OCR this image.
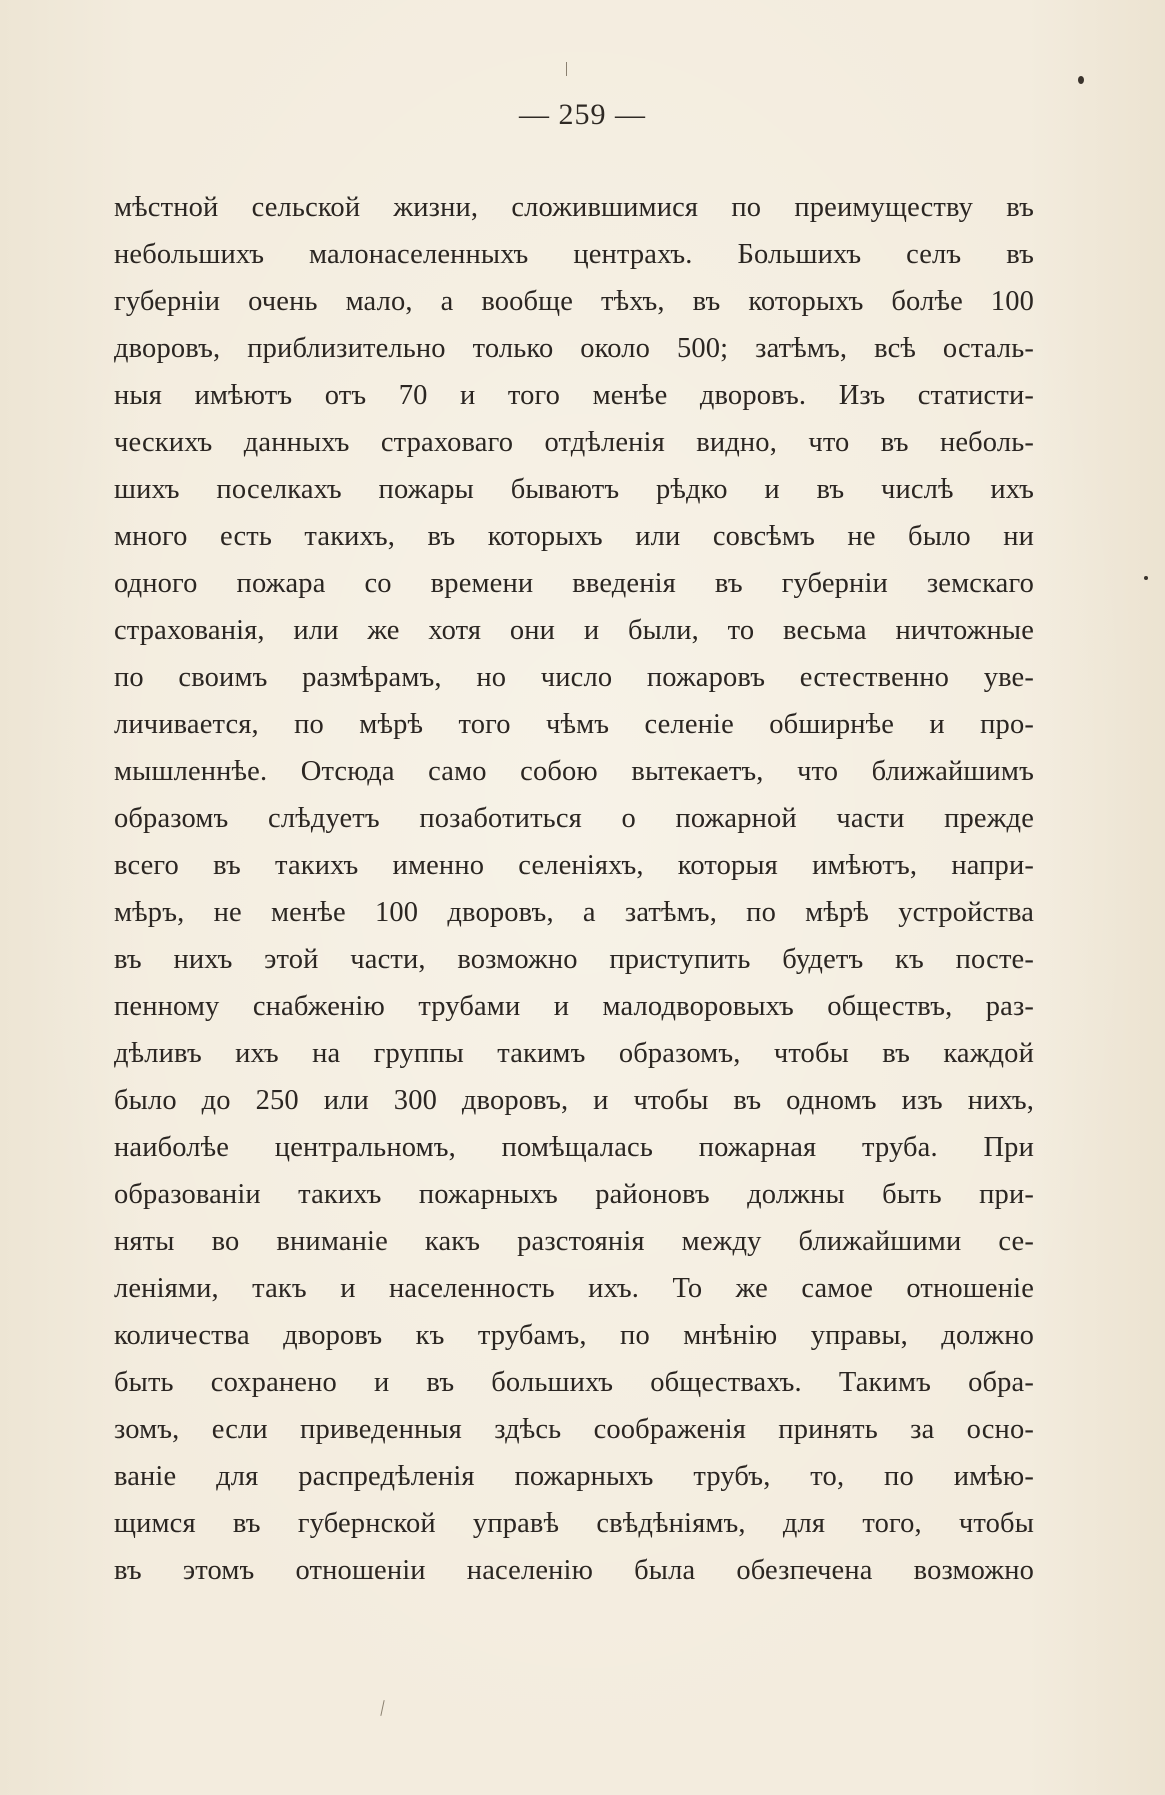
— 259 —
мѣстной сельской жизни, сложившимися по преимуществу въ
небольшихъ малонаселенныхъ центрахъ. Большихъ селъ въ
губерніи очень мало, а вообще тѣхъ, въ которыхъ болѣе 100
дворовъ, приблизительно только около 500; затѣмъ, всѣ осталь-
ныя имѣютъ отъ 70 и того менѣе дворовъ. Изъ статисти-
ческихъ данныхъ страховаго отдѣленія видно, что въ неболь-
шихъ поселкахъ пожары бываютъ рѣдко и въ числѣ ихъ
много есть такихъ, въ которыхъ или совсѣмъ не было ни
одного пожара со времени введенія въ губерніи земскаго
страхованія, или же хотя они и были, то весьма ничтожные
по своимъ размѣрамъ, но число пожаровъ естественно уве-
личивается, по мѣрѣ того чѣмъ селеніе обширнѣе и про-
мышленнѣе. Отсюда само собою вытекаетъ, что ближайшимъ
образомъ слѣдуетъ позаботиться о пожарной части прежде
всего въ такихъ именно селеніяхъ, которыя имѣютъ, напри-
мѣръ, не менѣе 100 дворовъ, а затѣмъ, по мѣрѣ устройства
въ нихъ этой части, возможно приступить будетъ къ посте-
пенному снабженію трубами и малодворовыхъ обществъ, раз-
дѣливъ ихъ на группы такимъ образомъ, чтобы въ каждой
было до 250 или 300 дворовъ, и чтобы въ одномъ изъ нихъ,
наиболѣе центральномъ, помѣщалась пожарная труба. При
образованіи такихъ пожарныхъ районовъ должны быть при-
няты во вниманіе какъ разстоянія между ближайшими се-
леніями, такъ и населенность ихъ. То же самое отношеніе
количества дворовъ къ трубамъ, по мнѣнію управы, должно
быть сохранено и въ большихъ обществахъ. Такимъ обра-
зомъ, если приведенныя здѣсь соображенія принять за осно-
ваніе для распредѣленія пожарныхъ трубъ, то, по имѣю-
щимся въ губернской управѣ свѣдѣніямъ, для того, чтобы
въ этомъ отношеніи населенію была обезпечена возможно
